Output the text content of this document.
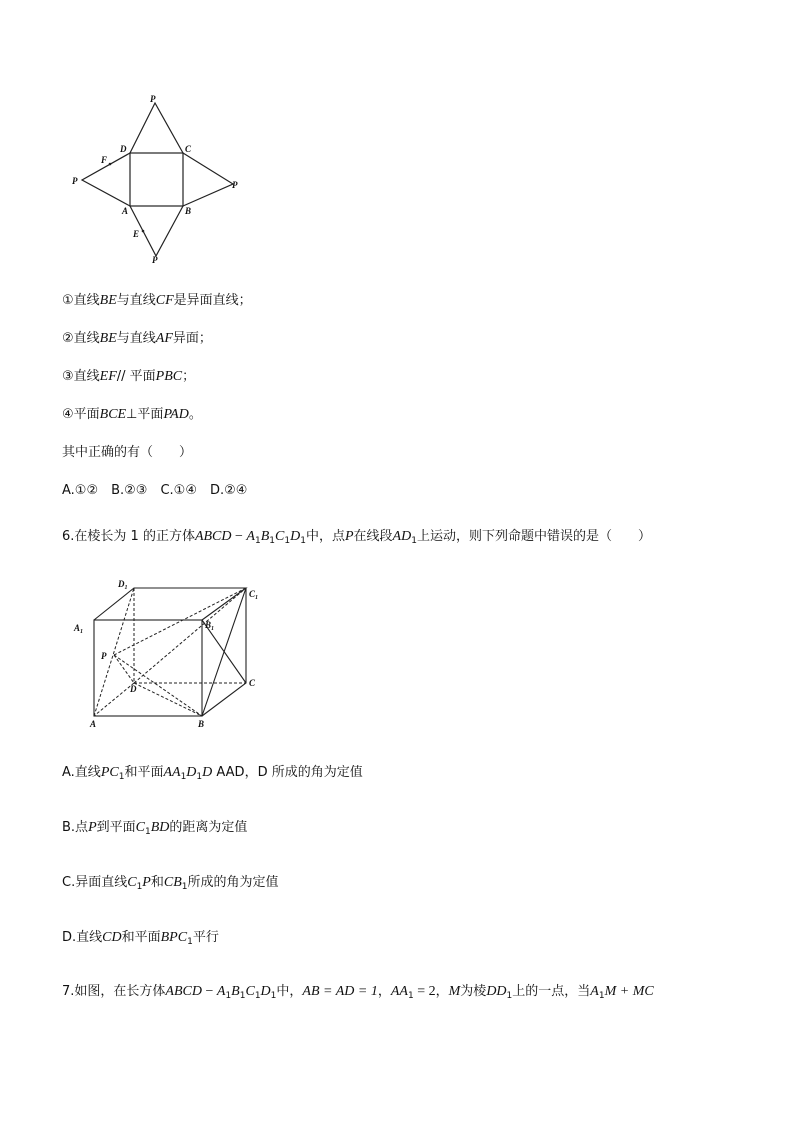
P
P	P
P
D	C
A	B
F
E
①直线BE与直线CF是异面直线；
②直线BE与直线AF异面；
③直线EF// 平面PBC；
④平面BCE⊥平面PAD。
其中正确的有（　　）
A.①②　B.②③　C.①④　D.②④
6.在棱长为 1 的正方体ABCD − $A_1B_1C_1D_1$中，点P在线段$AD_1$上运动，则下列命题中错误的是（　　）
$D_1$
$C_1$
$A_1$
$B_1$
P
D
C
A	B
A.直线$PC_1$和平面$AA_1D_1D$ AAD，D 所成的角为定值
B.点P到平面$C_1BD$的距离为定值
C.异面直线$C_1P$和$CB_1$所成的角为定值
D.直线CD和平面$BPC_1$平行
7.如图，在长方体ABCD − $A_1B_1C_1D_1$中，AB = AD = 1，$AA_1 = 2$，M为棱$DD_1$上的一点，当$A_1M$ + MC
